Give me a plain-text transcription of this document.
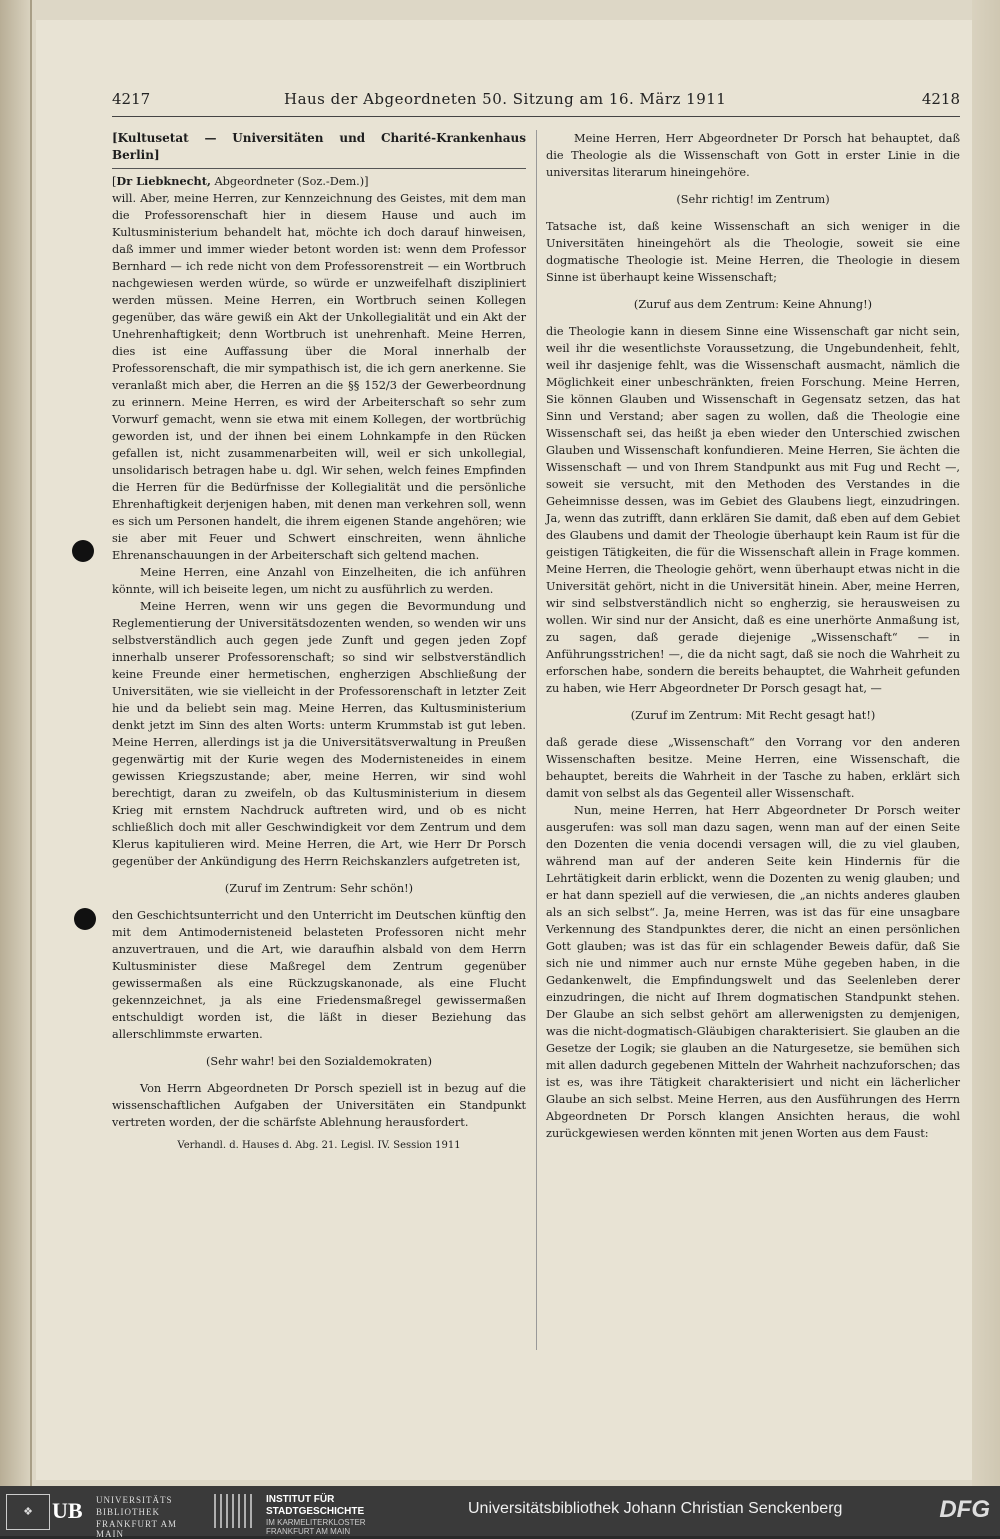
4217	Haus der Abgeordneten 50. Sitzung am 16. März 1911	4218
[Kultusetat — Universitäten und Charité-Krankenhaus Berlin]
[Dr Liebknecht, Abgeordneter (Soz.-Dem.)]

will. Aber, meine Herren, zur Kennzeichnung des Geistes, mit dem man die Professorenschaft hier in diesem Hause und auch im Kultusministerium behandelt hat, möchte ich doch darauf hinweisen, daß immer und immer wieder betont worden ist: wenn dem Professor Bernhard — ich rede nicht von dem Professorenstreit — ein Wortbruch nachgewiesen werden würde, so würde er unzweifelhaft diszipliniert werden müssen. Meine Herren, ein Wortbruch seinen Kollegen gegenüber, das wäre gewiß ein Akt der Unkollegialität und ein Akt der Unehrenhaftigkeit; denn Wortbruch ist unehrenhaft. Meine Herren, dies ist eine Auffassung über die Moral innerhalb der Professorenschaft, die mir sympathisch ist, die ich gern anerkenne. Sie veranlaßt mich aber, die Herren an die §§ 152/3 der Gewerbeordnung zu erinnern. Meine Herren, es wird der Arbeiterschaft so sehr zum Vorwurf gemacht, wenn sie etwa mit einem Kollegen, der wortbrüchig geworden ist, und der ihnen bei einem Lohnkampfe in den Rücken gefallen ist, nicht zusammenarbeiten will, weil er sich unkollegial, unsolidarisch betragen habe u. dgl. Wir sehen, welch feines Empfinden die Herren für die Bedürfnisse der Kollegialität und die persönliche Ehrenhaftigkeit derjenigen haben, mit denen man verkehren soll, wenn es sich um Personen handelt, die ihrem eigenen Stande angehören; wie sie aber mit Feuer und Schwert einschreiten, wenn ähnliche Ehrenanschauungen in der Arbeiterschaft sich geltend machen.

Meine Herren, eine Anzahl von Einzelheiten, die ich anführen könnte, will ich beiseite legen, um nicht zu ausführlich zu werden.

Meine Herren, wenn wir uns gegen die Bevormundung und Reglementierung der Universitätsdozenten wenden, so wenden wir uns selbstverständlich auch gegen jede Zunft und gegen jeden Zopf innerhalb unserer Professorenschaft; so sind wir selbstverständlich keine Freunde einer hermetischen, engherzigen Abschließung der Universitäten, wie sie vielleicht in der Professorenschaft in letzter Zeit hie und da beliebt sein mag. Meine Herren, das Kultusministerium denkt jetzt im Sinn des alten Worts: unterm Krummstab ist gut leben. Meine Herren, allerdings ist ja die Universitätsverwaltung in Preußen gegenwärtig mit der Kurie wegen des Modernisteneides in einem gewissen Kriegszustande; aber, meine Herren, wir sind wohl berechtigt, daran zu zweifeln, ob das Kultusministerium in diesem Krieg mit ernstem Nachdruck auftreten wird, und ob es nicht schließlich doch mit aller Geschwindigkeit vor dem Zentrum und dem Klerus kapitulieren wird. Meine Herren, die Art, wie Herr Dr Porsch gegenüber der Ankündigung des Herrn Reichskanzlers aufgetreten ist,

(Zuruf im Zentrum: Sehr schön!)

den Geschichtsunterricht und den Unterricht im Deutschen künftig den mit dem Antimodernisteneid belasteten Professoren nicht mehr anzuvertrauen, und die Art, wie daraufhin alsbald von dem Herrn Kultusminister diese Maßregel dem Zentrum gegenüber gewissermaßen als eine Rückzugskanonade, als eine Flucht gekennzeichnet, ja als eine Friedensmaßregel gewissermaßen entschuldigt worden ist, die läßt in dieser Beziehung das allerschlimmste erwarten.

(Sehr wahr! bei den Sozialdemokraten)

Von Herrn Abgeordneten Dr Porsch speziell ist in bezug auf die wissenschaftlichen Aufgaben der Universitäten ein Standpunkt vertreten worden, der die schärfste Ablehnung herausfordert.

Verhandl. d. Hauses d. Abg. 21. Legisl. IV. Session 1911

Meine Herren, Herr Abgeordneter Dr Porsch hat behauptet, daß die Theologie als die Wissenschaft von Gott in erster Linie in die universitas literarum hineingehöre.

(Sehr richtig! im Zentrum)

Tatsache ist, daß keine Wissenschaft an sich weniger in die Universitäten hineingehört als die Theologie, soweit sie eine dogmatische Theologie ist. Meine Herren, die Theologie in diesem Sinne ist überhaupt keine Wissenschaft;

(Zuruf aus dem Zentrum: Keine Ahnung!)

die Theologie kann in diesem Sinne eine Wissenschaft gar nicht sein, weil ihr die wesentlichste Voraussetzung, die Ungebundenheit, fehlt, weil ihr dasjenige fehlt, was die Wissenschaft ausmacht, nämlich die Möglichkeit einer unbeschränkten, freien Forschung. Meine Herren, Sie können Glauben und Wissenschaft in Gegensatz setzen, das hat Sinn und Verstand; aber sagen zu wollen, daß die Theologie eine Wissenschaft sei, das heißt ja eben wieder den Unterschied zwischen Glauben und Wissenschaft konfundieren. Meine Herren, Sie ächten die Wissenschaft — und von Ihrem Standpunkt aus mit Fug und Recht —, soweit sie versucht, mit den Methoden des Verstandes in die Geheimnisse dessen, was im Gebiet des Glaubens liegt, einzudringen. Ja, wenn das zutrifft, dann erklären Sie damit, daß eben auf dem Gebiet des Glaubens und damit der Theologie überhaupt kein Raum ist für die geistigen Tätigkeiten, die für die Wissenschaft allein in Frage kommen. Meine Herren, die Theologie gehört, wenn überhaupt etwas nicht in die Universität gehört, nicht in die Universität hinein. Aber, meine Herren, wir sind selbstverständlich nicht so engherzig, sie herausweisen zu wollen. Wir sind nur der Ansicht, daß es eine unerhörte Anmaßung ist, zu sagen, daß gerade diejenige „Wissenschaft“ — in Anführungsstrichen! —, die da nicht sagt, daß sie noch die Wahrheit zu erforschen habe, sondern die bereits behauptet, die Wahrheit gefunden zu haben, wie Herr Abgeordneter Dr Porsch gesagt hat, —

(Zuruf im Zentrum: Mit Recht gesagt hat!)

daß gerade diese „Wissenschaft“ den Vorrang vor den anderen Wissenschaften besitze. Meine Herren, eine Wissenschaft, die behauptet, bereits die Wahrheit in der Tasche zu haben, erklärt sich damit von selbst als das Gegenteil aller Wissenschaft.

Nun, meine Herren, hat Herr Abgeordneter Dr Porsch weiter ausgerufen: was soll man dazu sagen, wenn man auf der einen Seite den Dozenten die venia docendi versagen will, die zu viel glauben, während man auf der anderen Seite kein Hindernis für die Lehrtätigkeit darin erblickt, wenn die Dozenten zu wenig glauben; und er hat dann speziell auf die verwiesen, die „an nichts anderes glauben als an sich selbst“. Ja, meine Herren, was ist das für eine unsagbare Verkennung des Standpunktes derer, die nicht an einen persönlichen Gott glauben; was ist das für ein schlagender Beweis dafür, daß Sie sich nie und nimmer auch nur ernste Mühe gegeben haben, in die Gedankenwelt, die Empfindungswelt und das Seelenleben derer einzudringen, die nicht auf Ihrem dogmatischen Standpunkt stehen. Der Glaube an sich selbst gehört am allerwenigsten zu demjenigen, was die nicht-dogmatisch-Gläubigen charakterisiert. Sie glauben an die Gesetze der Logik; sie glauben an die Naturgesetze, sie bemühen sich mit allen dadurch gegebenen Mitteln der Wahrheit nachzuforschen; das ist es, was ihre Tätigkeit charakterisiert und nicht ein lächerlicher Glaube an sich selbst. Meine Herren, aus den Ausführungen des Herrn Abgeordneten Dr Porsch klangen Ansichten heraus, die wohl zurückgewiesen werden könnten mit jenen Worten aus dem Faust:

❖ UB UNIVERSITÄTS
BIBLIOTHEK
FRANKFURT AM MAIN
INSTITUT FÜR
STADTGESCHICHTE
IM KARMELITERKLOSTER
FRANKFURT AM MAIN
Universitätsbibliothek Johann Christian Senckenberg	DFG
